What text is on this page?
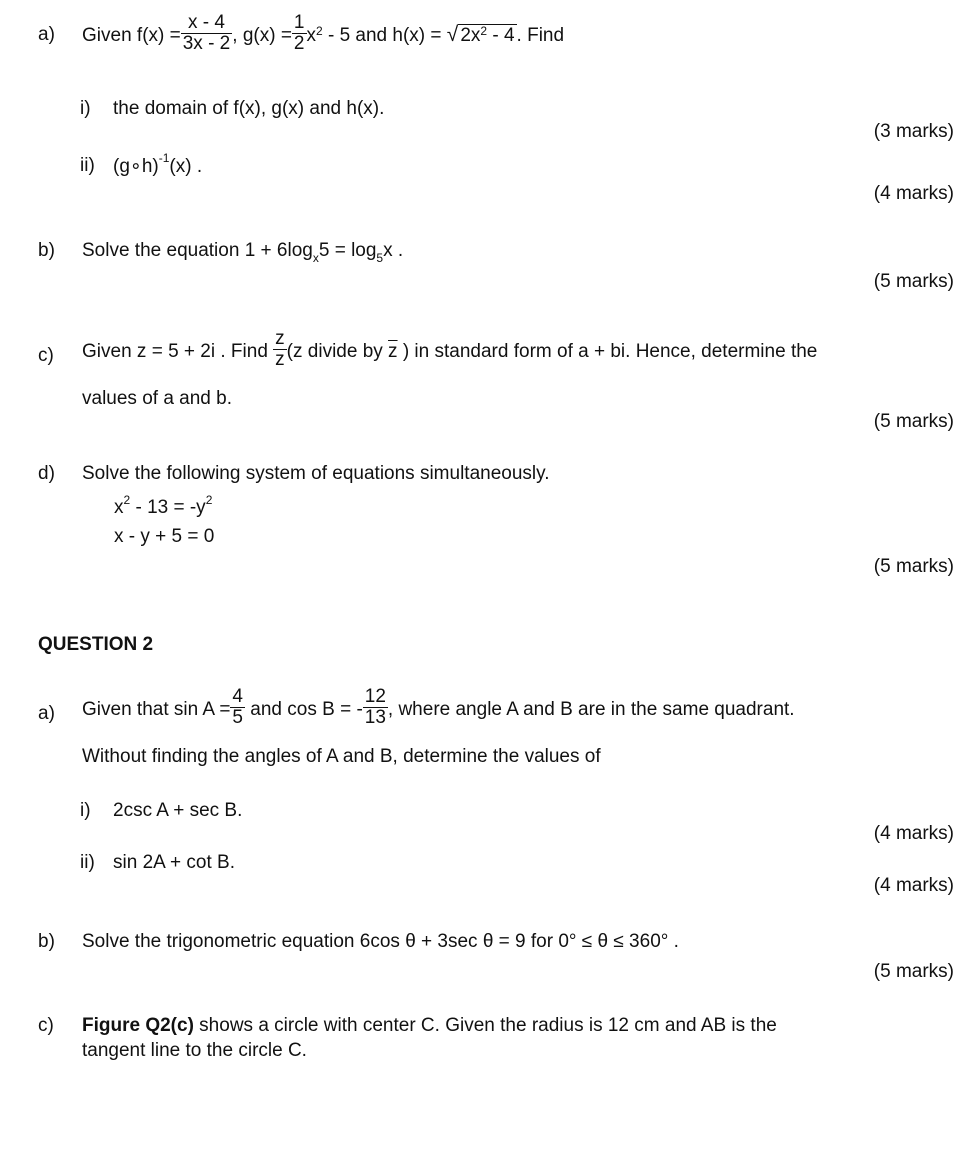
a) Given $f(x) = \frac{x - 4}{3x - 2}$ , $g(x) = \frac{1}{2} x^2 - 5$ and h(x) = √ $2x^2 - 4$ . Find
i) the domain of f(x), g(x) and h(x).
(3 marks)
ii) (g∘h)$^{-1}$(x) .
(4 marks)
b) Solve the equation $1 + 6\log_x5 = \log_5x$ .
(5 marks)
c) Given z = 5 + 2i . Find $\frac{z}{z} (z$ divide by $\overline{z}$ ) in standard form of a + bi. Hence, determine the
values of a and b.
(5 marks)
d) Solve the following system of equations simultaneously.
$x^2 - 13 = -y^2$
x - y + 5 = 0
(5 marks)
QUESTION 2
a) Given that $\sin A = \frac{4}{5}$ and cos B = - $\frac{12}{13}$ , where angle A and B are in the same quadrant.
Without finding the angles of A and B, determine the values of
i) 2csc A + sec B.
(4 marks)
ii) sin 2A + cot B.
(4 marks)
b) Solve the trigonometric equation 6cos θ + 3sec θ = 9 for 0° ≤ θ ≤ 360° .
(5 marks)
c) Figure Q2(c) shows a circle with center C. Given the radius is 12 cm and AB is the
tangent line to the circle C.
